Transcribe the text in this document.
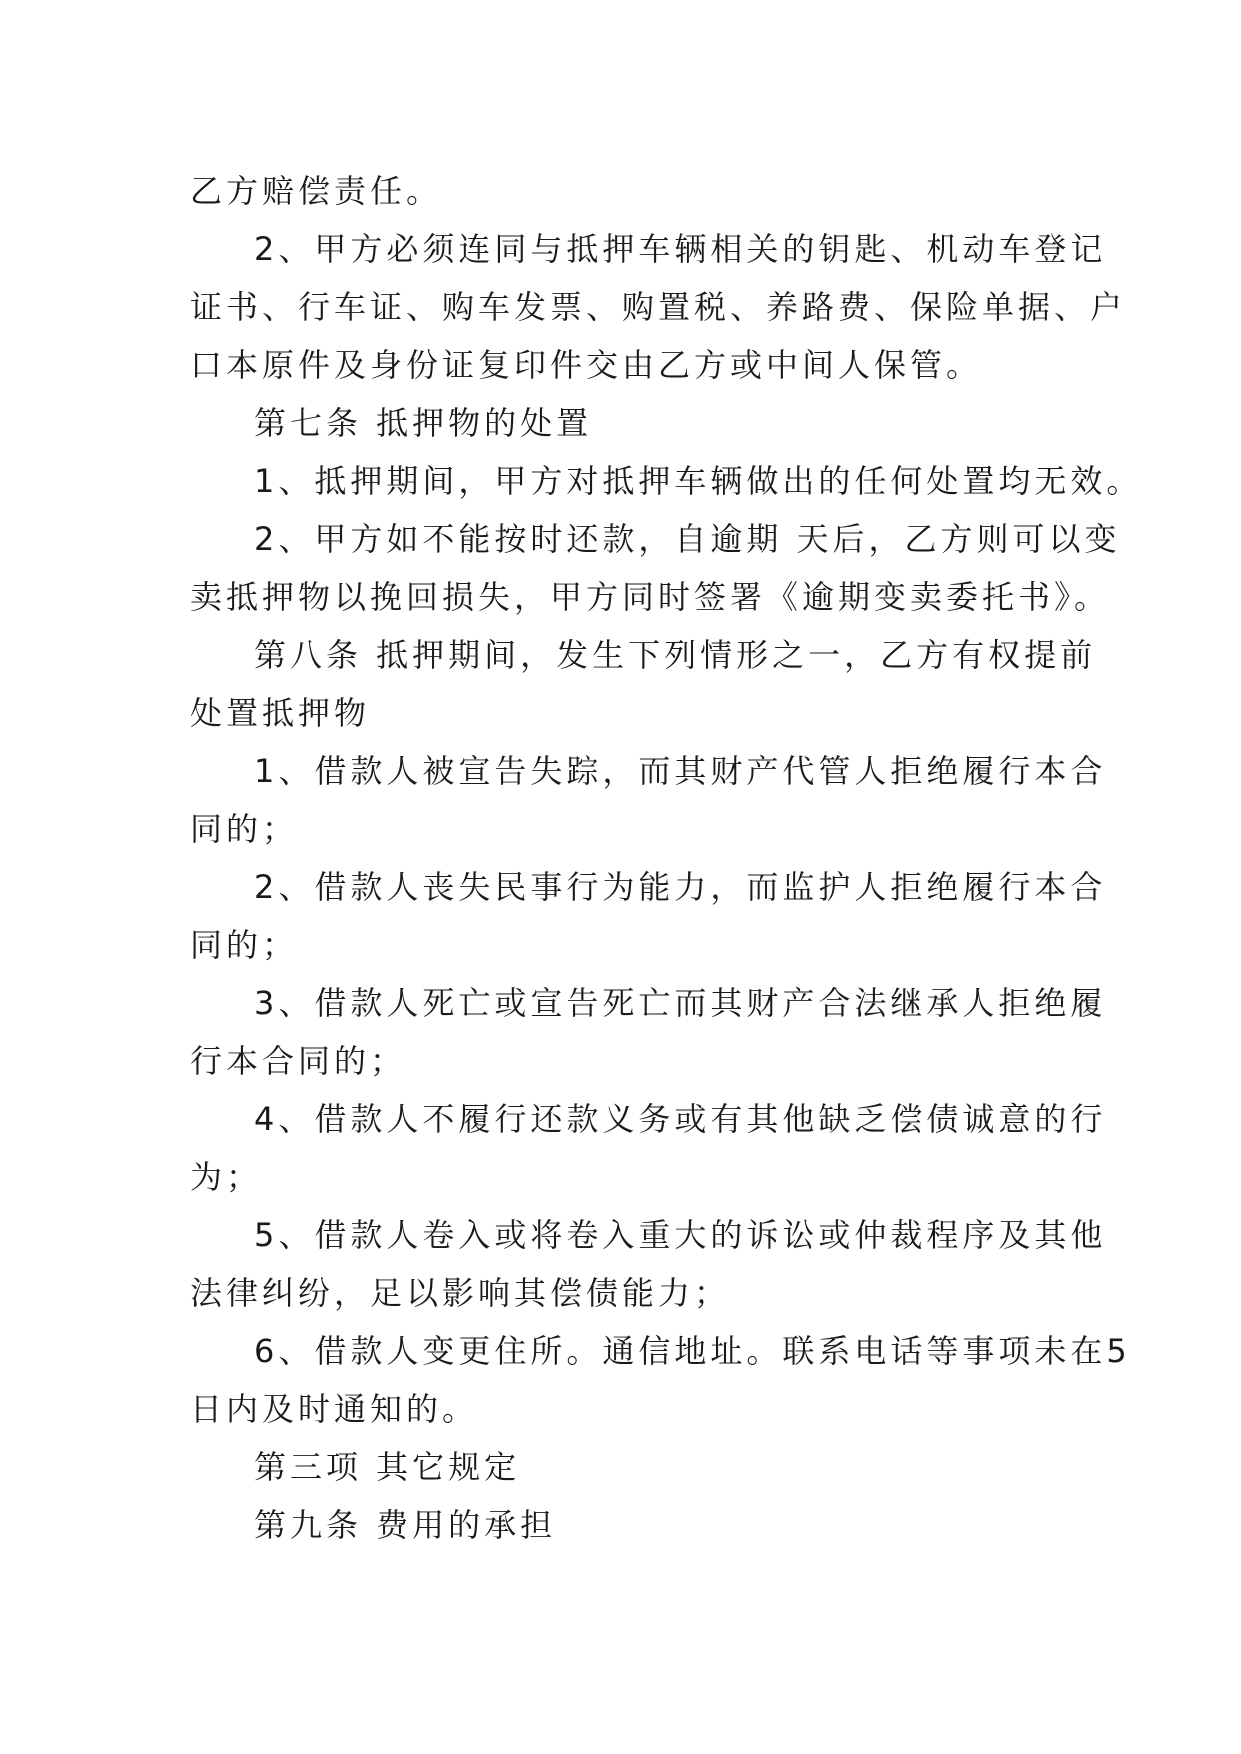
乙方赔偿责任。
2、甲方必须连同与抵押车辆相关的钥匙、机动车登记
证书、行车证、购车发票、购置税、养路费、保险单据、户
口本原件及身份证复印件交由乙方或中间人保管。
第七条 抵押物的处置
1、抵押期间，甲方对抵押车辆做出的任何处置均无效。
2、甲方如不能按时还款，自逾期 天后，乙方则可以变
卖抵押物以挽回损失，甲方同时签署《逾期变卖委托书》。
第八条 抵押期间，发生下列情形之一，乙方有权提前
处置抵押物
1、借款人被宣告失踪，而其财产代管人拒绝履行本合
同的；
2、借款人丧失民事行为能力，而监护人拒绝履行本合
同的；
3、借款人死亡或宣告死亡而其财产合法继承人拒绝履
行本合同的；
4、借款人不履行还款义务或有其他缺乏偿债诚意的行
为；
5、借款人卷入或将卷入重大的诉讼或仲裁程序及其他
法律纠纷，足以影响其偿债能力；
6、借款人变更住所。通信地址。联系电话等事项未在5
日内及时通知的。
第三项 其它规定
第九条 费用的承担
